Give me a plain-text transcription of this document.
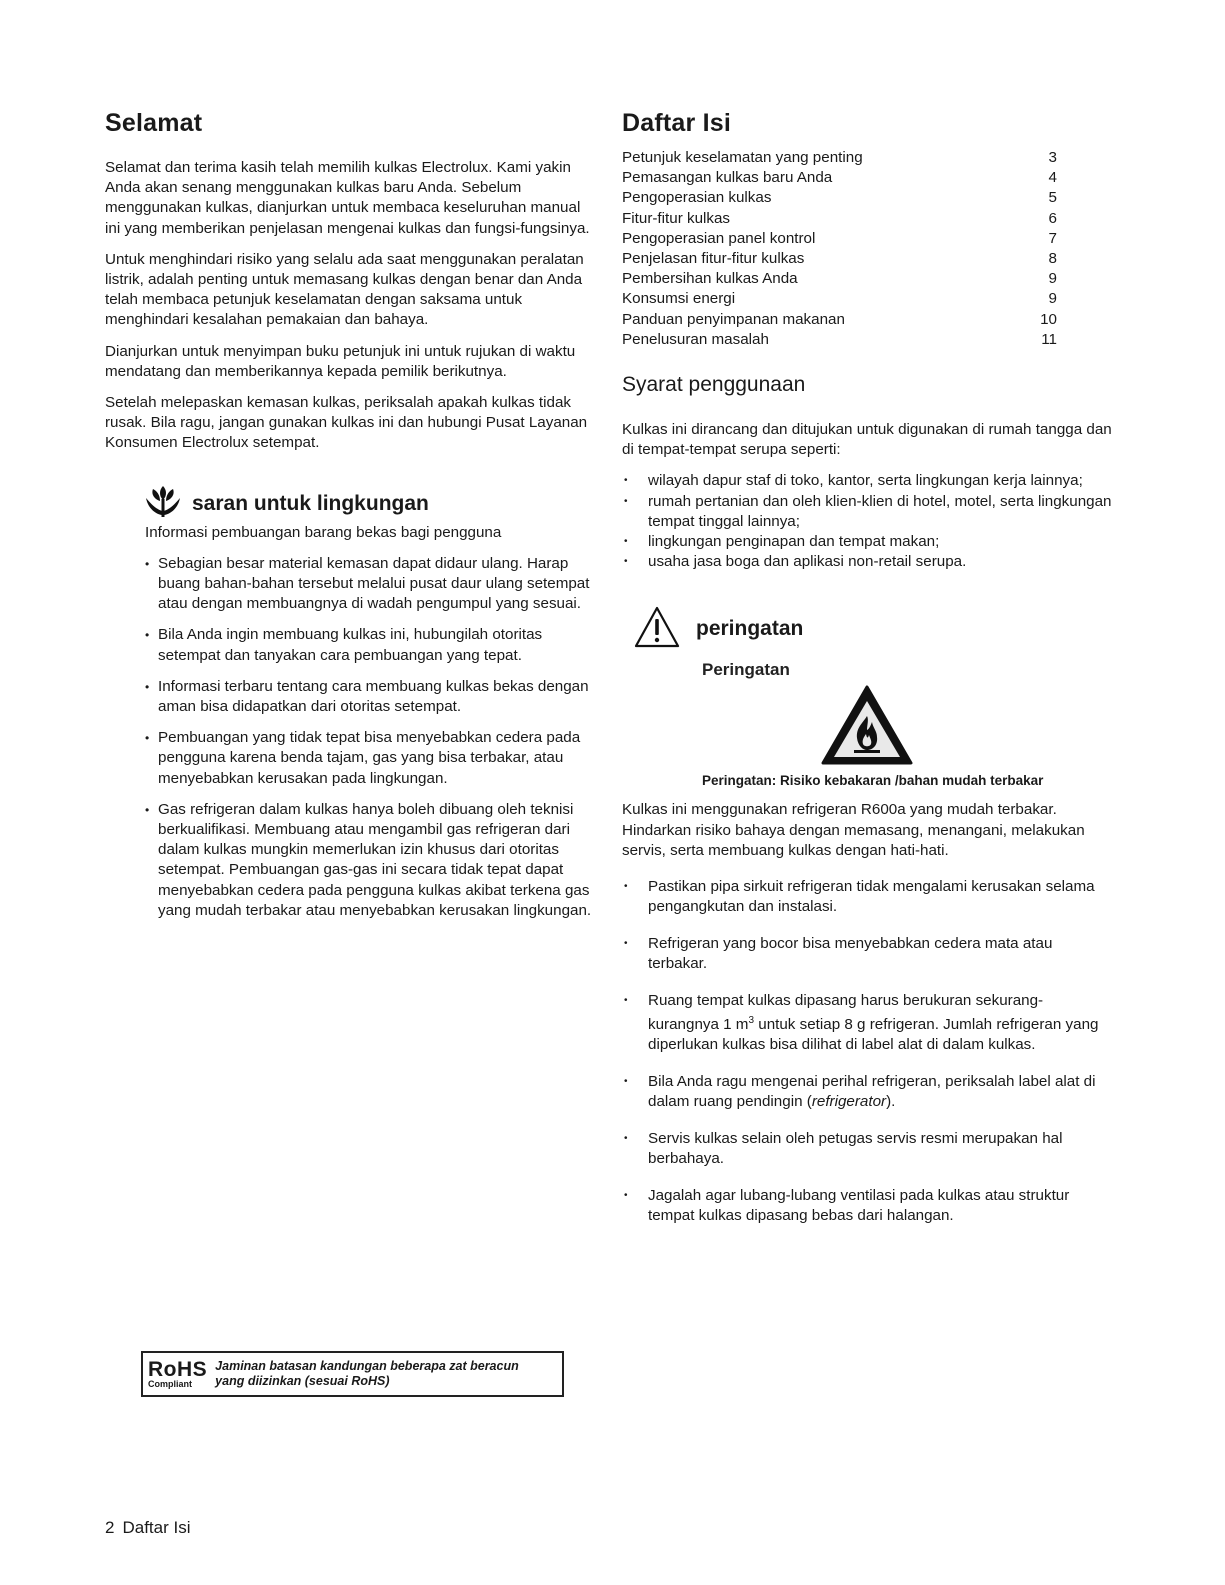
Selamat

Selamat dan terima kasih telah memilih kulkas Electrolux. Kami yakin Anda akan senang menggunakan kulkas baru Anda. Sebelum menggunakan kulkas, dianjurkan untuk membaca keseluruhan manual ini yang memberikan penjelasan mengenai kulkas dan fungsi-fungsinya.

Untuk menghindari risiko yang selalu ada saat menggunakan peralatan listrik, adalah penting untuk memasang kulkas dengan benar dan Anda telah membaca petunjuk keselamatan dengan saksama untuk menghindari kesalahan pemakaian dan bahaya.

Dianjurkan untuk menyimpan buku petunjuk ini untuk rujukan di waktu mendatang dan memberikannya kepada pemilik berikutnya.

Setelah melepaskan kemasan kulkas, periksalah apakah kulkas tidak rusak. Bila ragu, jangan gunakan kulkas ini dan hubungi Pusat Layanan Konsumen Electrolux setempat.

saran untuk lingkungan

Informasi pembuangan barang bekas bagi pengguna

• Sebagian besar material kemasan dapat didaur ulang. Harap buang bahan-bahan tersebut melalui pusat daur ulang setempat atau dengan membuangnya di wadah pengumpul yang sesuai.
• Bila Anda ingin membuang kulkas ini, hubungilah otoritas setempat dan tanyakan cara pembuangan yang tepat.
• Informasi terbaru tentang cara membuang kulkas bekas dengan aman bisa didapatkan dari otoritas setempat.
• Pembuangan yang tidak tepat bisa menyebabkan cedera pada pengguna karena benda tajam, gas yang bisa terbakar, atau menyebabkan kerusakan pada lingkungan.
• Gas refrigeran dalam kulkas hanya boleh dibuang oleh teknisi berkualifikasi. Membuang atau mengambil gas refrigeran dari dalam kulkas mungkin memerlukan izin khusus dari otoritas setempat. Pembuangan gas-gas ini secara tidak tepat dapat menyebabkan cedera pada pengguna kulkas akibat terkena gas yang mudah terbakar atau menyebabkan kerusakan lingkungan.
RoHS
Compliant
Jaminan batasan kandungan beberapa zat beracun
yang diizinkan (sesuai RoHS)
Daftar Isi
Petunjuk keselamatan yang penting	3
Pemasangan kulkas baru Anda	4
Pengoperasian kulkas	5
Fitur-fitur kulkas	6
Pengoperasian panel kontrol	7
Penjelasan fitur-fitur kulkas	8
Pembersihan kulkas Anda	9
Konsumsi energi	9
Panduan penyimpanan makanan	10
Penelusuran masalah	11
Syarat penggunaan

Kulkas ini dirancang dan ditujukan untuk digunakan di rumah tangga dan di tempat-tempat serupa seperti:

• wilayah dapur staf di toko, kantor, serta lingkungan kerja lainnya;
• rumah pertanian dan oleh klien-klien di hotel, motel, serta lingkungan tempat tinggal lainnya;
• lingkungan penginapan dan tempat makan;
• usaha jasa boga dan aplikasi non-retail serupa.
peringatan
Peringatan
Peringatan: Risiko kebakaran /bahan mudah terbakar

Kulkas ini menggunakan refrigeran R600a yang mudah terbakar. Hindarkan risiko bahaya dengan memasang, menangani, melakukan servis, serta membuang kulkas dengan hati-hati.

• Pastikan pipa sirkuit refrigeran tidak mengalami kerusakan selama pengangkutan dan instalasi.
• Refrigeran yang bocor bisa menyebabkan cedera mata atau terbakar.
• Ruang tempat kulkas dipasang harus berukuran sekurang-kurangnya 1 $m^3$ untuk setiap 8 g refrigeran. Jumlah refrigeran yang diperlukan kulkas bisa dilihat di label alat di dalam kulkas.
• Bila Anda ragu mengenai perihal refrigeran, periksalah label alat di dalam ruang pendingin (refrigerator).
• Servis kulkas selain oleh petugas servis resmi merupakan hal berbahaya.
• Jagalah agar lubang-lubang ventilasi pada kulkas atau struktur tempat kulkas dipasang bebas dari halangan.
2 Daftar Isi
